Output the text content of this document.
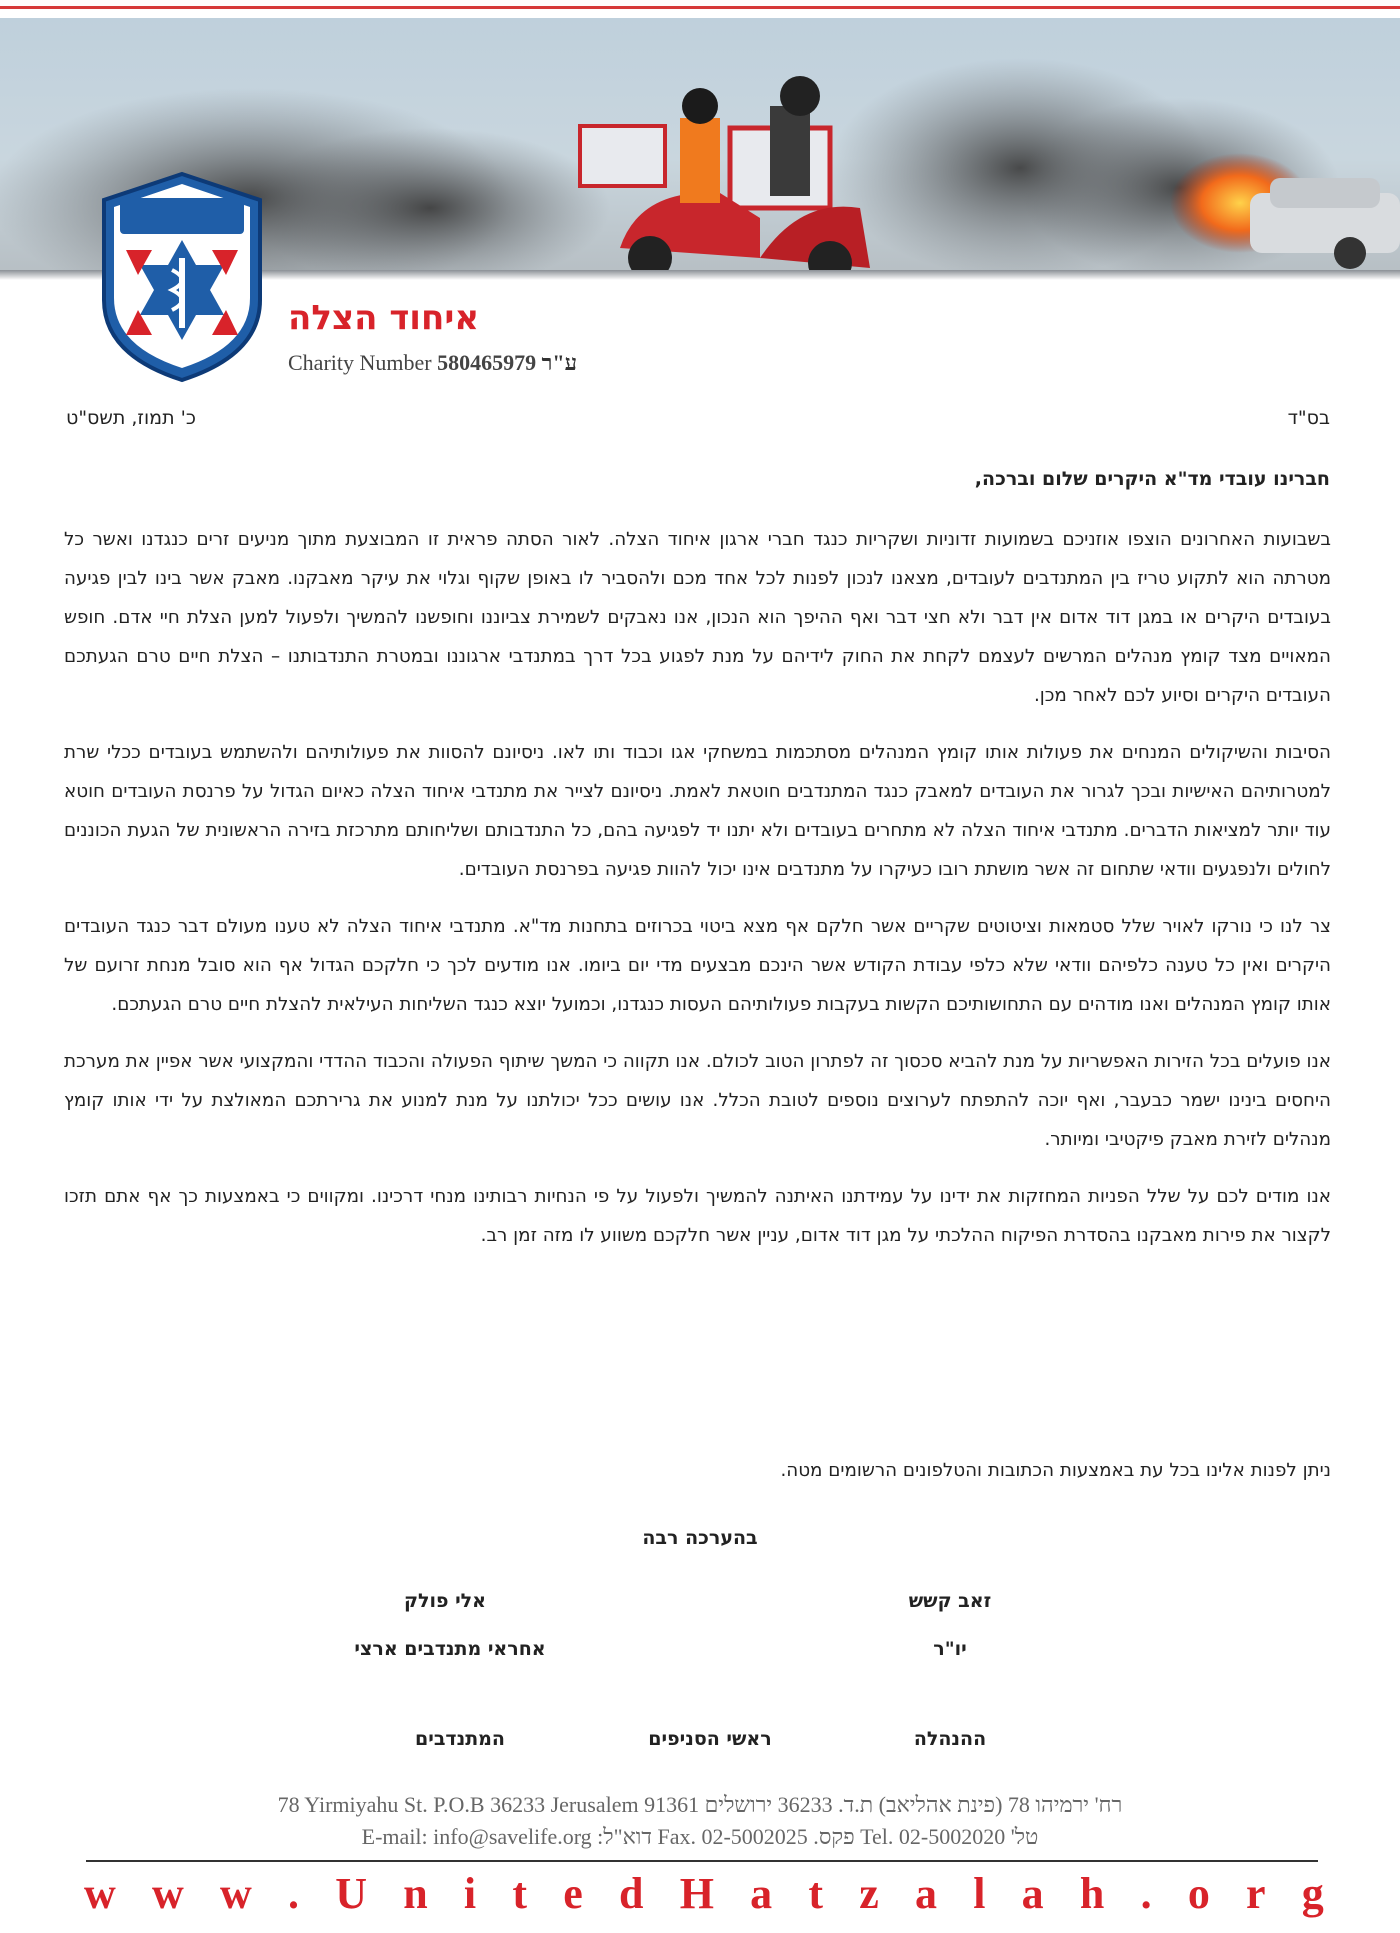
איחוד הצלה
Charity Number 580465979 ע"ר
בס"ד
כ' תמוז, תשס"ט
חברינו עובדי מד"א היקרים שלום וברכה,

בשבועות האחרונים הוצפו אוזניכם בשמועות זדוניות ושקריות כנגד חברי ארגון איחוד הצלה. לאור הסתה פראית זו המבוצעת מתוך מניעים זרים כנגדנו ואשר כל מטרתה הוא לתקוע טריז בין המתנדבים לעובדים, מצאנו לנכון לפנות לכל אחד מכם ולהסביר לו באופן שקוף וגלוי את עיקר מאבקנו. מאבק אשר בינו לבין פגיעה בעובדים היקרים או במגן דוד אדום אין דבר ולא חצי דבר ואף ההיפך הוא הנכון, אנו נאבקים לשמירת צביוננו וחופשנו להמשיך ולפעול למען הצלת חיי אדם. חופש המאויים מצד קומץ מנהלים המרשים לעצמם לקחת את החוק לידיהם על מנת לפגוע בכל דרך במתנדבי ארגוננו ובמטרת התנדבותנו – הצלת חיים טרם הגעתכם העובדים היקרים וסיוע לכם לאחר מכן.

הסיבות והשיקולים המנחים את פעולות אותו קומץ המנהלים מסתכמות במשחקי אגו וכבוד ותו לאו. ניסיונם להסוות את פעולותיהם ולהשתמש בעובדים ככלי שרת למטרותיהם האישיות ובכך לגרור את העובדים למאבק כנגד המתנדבים חוטאת לאמת. ניסיונם לצייר את מתנדבי איחוד הצלה כאיום הגדול על פרנסת העובדים חוטא עוד יותר למציאות הדברים. מתנדבי איחוד הצלה לא מתחרים בעובדים ולא יתנו יד לפגיעה בהם, כל התנדבותם ושליחותם מתרכזת בזירה הראשונית של הגעת הכוננים לחולים ולנפגעים וודאי שתחום זה אשר מושתת רובו כעיקרו על מתנדבים אינו יכול להוות פגיעה בפרנסת העובדים.

צר לנו כי נורקו לאויר שלל סטמאות וציטוטים שקריים אשר חלקם אף מצא ביטוי בכרוזים בתחנות מד"א. מתנדבי איחוד הצלה לא טענו מעולם דבר כנגד העובדים היקרים ואין כל טענה כלפיהם וודאי שלא כלפי עבודת הקודש אשר הינכם מבצעים מדי יום ביומו. אנו מודעים לכך כי חלקכם הגדול אף הוא סובל מנחת זרועם של אותו קומץ המנהלים ואנו מודהים עם התחושותיכם הקשות בעקבות פעולותיהם העסות כנגדנו, וכמועל יוצא כנגד השליחות העילאית להצלת חיים טרם הגעתכם.

אנו פועלים בכל הזירות האפשריות על מנת להביא סכסוך זה לפתרון הטוב לכולם. אנו תקווה כי המשך שיתוף הפעולה והכבוד ההדדי והמקצועי אשר אפיין את מערכת היחסים בינינו ישמר כבעבר, ואף יוכה להתפתח לערוצים נוספים לטובת הכלל. אנו עושים ככל יכולתנו על מנת למנוע את גרירתכם המאולצת על ידי אותו קומץ מנהלים לזירת מאבק פיקטיבי ומיותר.

אנו מודים לכם על שלל הפניות המחזקות את ידינו על עמידתנו האיתנה להמשיך ולפעול על פי הנחיות רבותינו מנחי דרכינו. ומקווים כי באמצעות כך אף אתם תזכו לקצור את פירות מאבקנו בהסדרת הפיקוח ההלכתי על מגן דוד אדום, עניין אשר חלקכם משווע לו מזה זמן רב.

ניתן לפנות אלינו בכל עת באמצעות הכתובות והטלפונים הרשומים מטה.
בהערכה רבה
זאב קשש
יו"ר
אלי פולק
אחראי מתנדבים ארצי
ההנהלה
ראשי הסניפים
המתנדבים
78 Yirmiyahu St. P.O.B 36233 Jerusalem 91361 רח' ירמיהו 78 (פינת אהליאב) ת.ד. 36233 ירושלים
E-mail: info@savelife.org :דוא"ל Fax. 02-5002025 .פקס Tel. 02-5002020 'טל
w w w . U n i t e d H a t z a l a h . o r g
